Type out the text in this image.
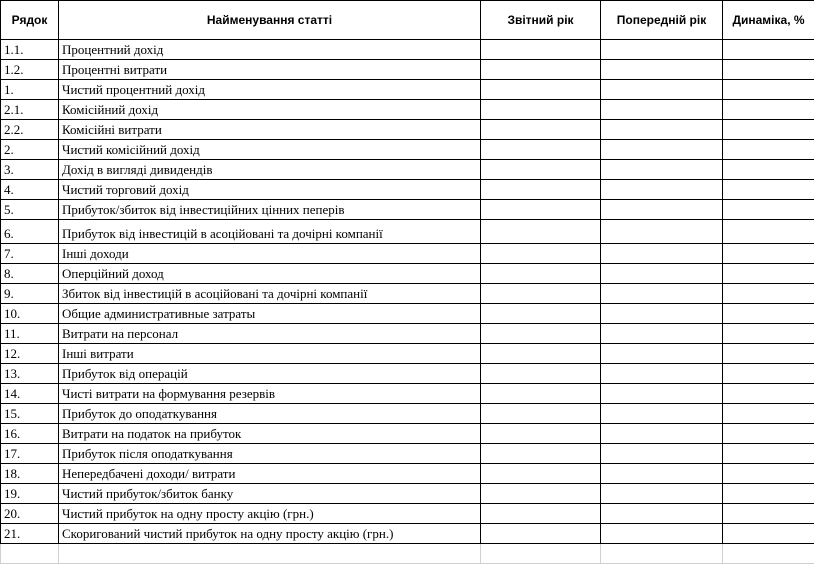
Рядок	Найменування статті	Звітний рік	Попередній рік	Динаміка, %
1.1.	Процентний дохід			
1.2.	Процентні витрати			
1.	Чистий процентний дохід			
2.1.	Комісійний дохід			
2.2.	Комісійні витрати			
2.	Чистий комісійний дохід			
3.	Дохід в вигляді дивидендів			
4.	Чистий торговий дохід			
5.	Прибуток/збиток від інвестиційних цінних пеперів			
6.	Прибуток від інвестицій в асоційовані та дочірні компанії			
7.	Інші доходи			
8.	Оперційний доход			
9.	Збиток від інвестицій в асоційовані та дочірні компанії			
10.	Общие административные затраты			
11.	Витрати на персонал			
12.	Інші витрати			
13.	Прибуток від операцій			
14.	Чисті витрати на формування резервів			
15.	Прибуток до оподаткування			
16.	Витрати на податок на прибуток			
17.	Прибуток після оподаткування			
18.	Непередбачені доходи/ витрати			
19.	Чистий прибуток/збиток банку			
20.	Чистий прибуток на одну просту акцію (грн.)			
21.	Скоригований чистий прибуток на одну просту акцію (грн.)			
